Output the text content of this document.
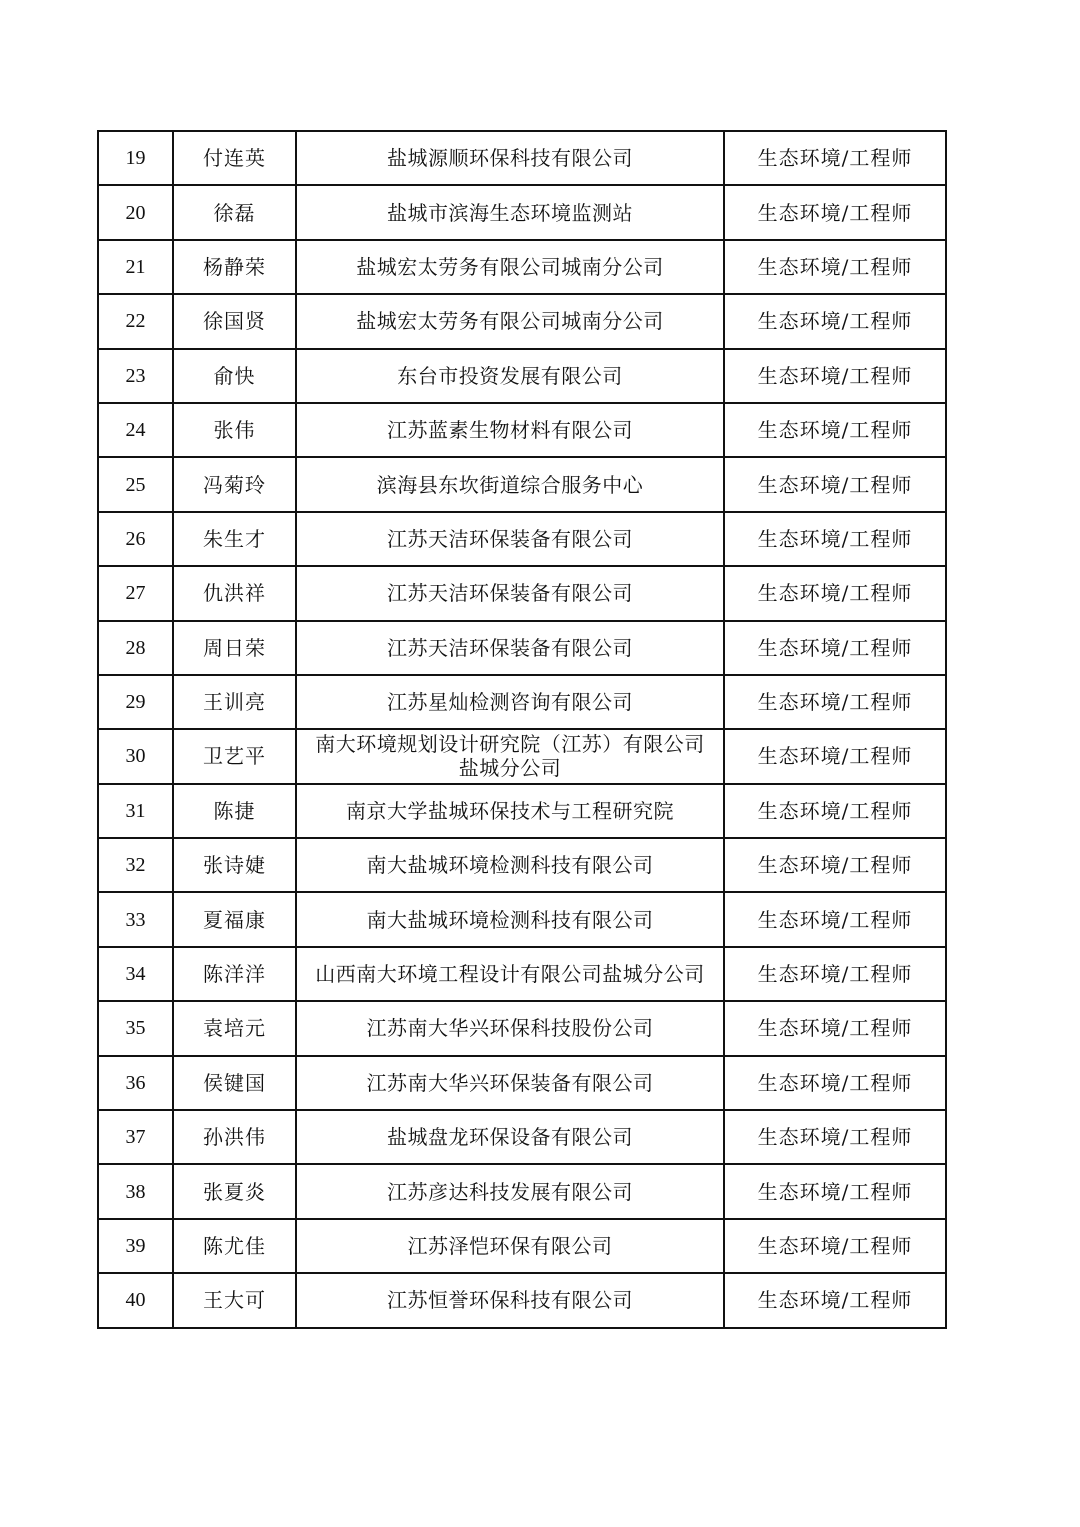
19	付连英	盐城源顺环保科技有限公司	生态环境/工程师
20	徐磊	盐城市滨海生态环境监测站	生态环境/工程师
21	杨静荣	盐城宏太劳务有限公司城南分公司	生态环境/工程师
22	徐国贤	盐城宏太劳务有限公司城南分公司	生态环境/工程师
23	俞快	东台市投资发展有限公司	生态环境/工程师
24	张伟	江苏蓝素生物材料有限公司	生态环境/工程师
25	冯菊玲	滨海县东坎街道综合服务中心	生态环境/工程师
26	朱生才	江苏天洁环保装备有限公司	生态环境/工程师
27	仇洪祥	江苏天洁环保装备有限公司	生态环境/工程师
28	周日荣	江苏天洁环保装备有限公司	生态环境/工程师
29	王训亮	江苏星灿检测咨询有限公司	生态环境/工程师
30	卫艺平	南大环境规划设计研究院（江苏）有限公司
盐城分公司	生态环境/工程师
31	陈捷	南京大学盐城环保技术与工程研究院	生态环境/工程师
32	张诗婕	南大盐城环境检测科技有限公司	生态环境/工程师
33	夏福康	南大盐城环境检测科技有限公司	生态环境/工程师
34	陈洋洋	山西南大环境工程设计有限公司盐城分公司	生态环境/工程师
35	袁培元	江苏南大华兴环保科技股份公司	生态环境/工程师
36	侯键国	江苏南大华兴环保装备有限公司	生态环境/工程师
37	孙洪伟	盐城盘龙环保设备有限公司	生态环境/工程师
38	张夏炎	江苏彦达科技发展有限公司	生态环境/工程师
39	陈尤佳	江苏泽恺环保有限公司	生态环境/工程师
40	王大可	江苏恒誉环保科技有限公司	生态环境/工程师
